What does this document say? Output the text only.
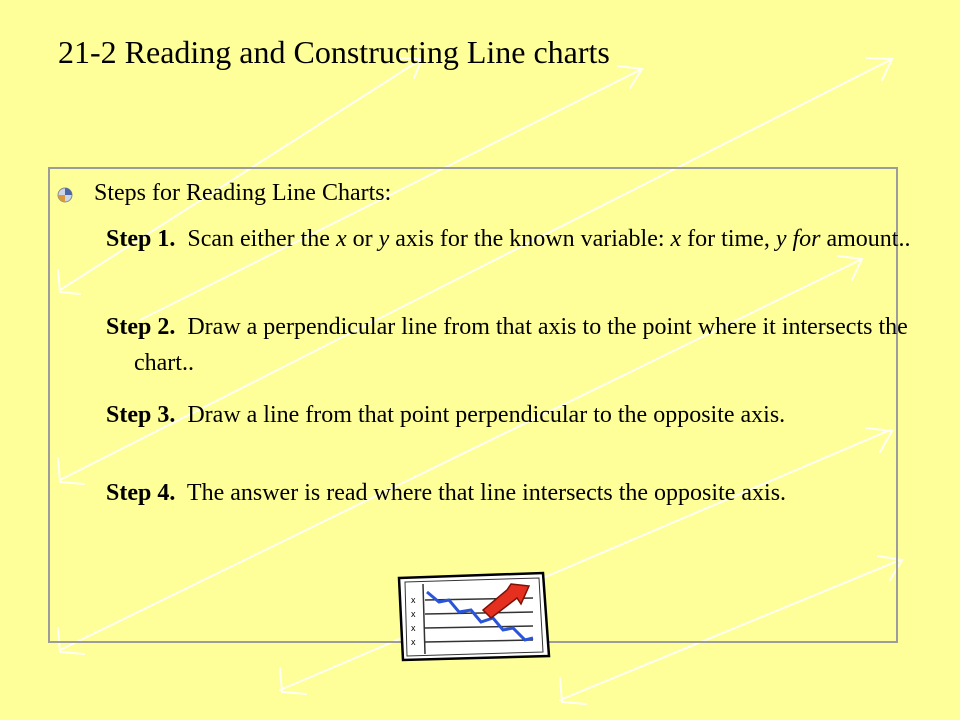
21-2 Reading and Constructing Line charts
Steps for Reading Line Charts:
Step 1.  Scan either the x or y axis for the known variable: x for time, y for amount..
Step 2.  Draw a perpendicular line from that axis to the point where it intersects the chart..
Step 3.  Draw a line from that point perpendicular to the opposite axis.
Step 4.  The answer is read where that line intersects the opposite axis.
x
x
x
x
